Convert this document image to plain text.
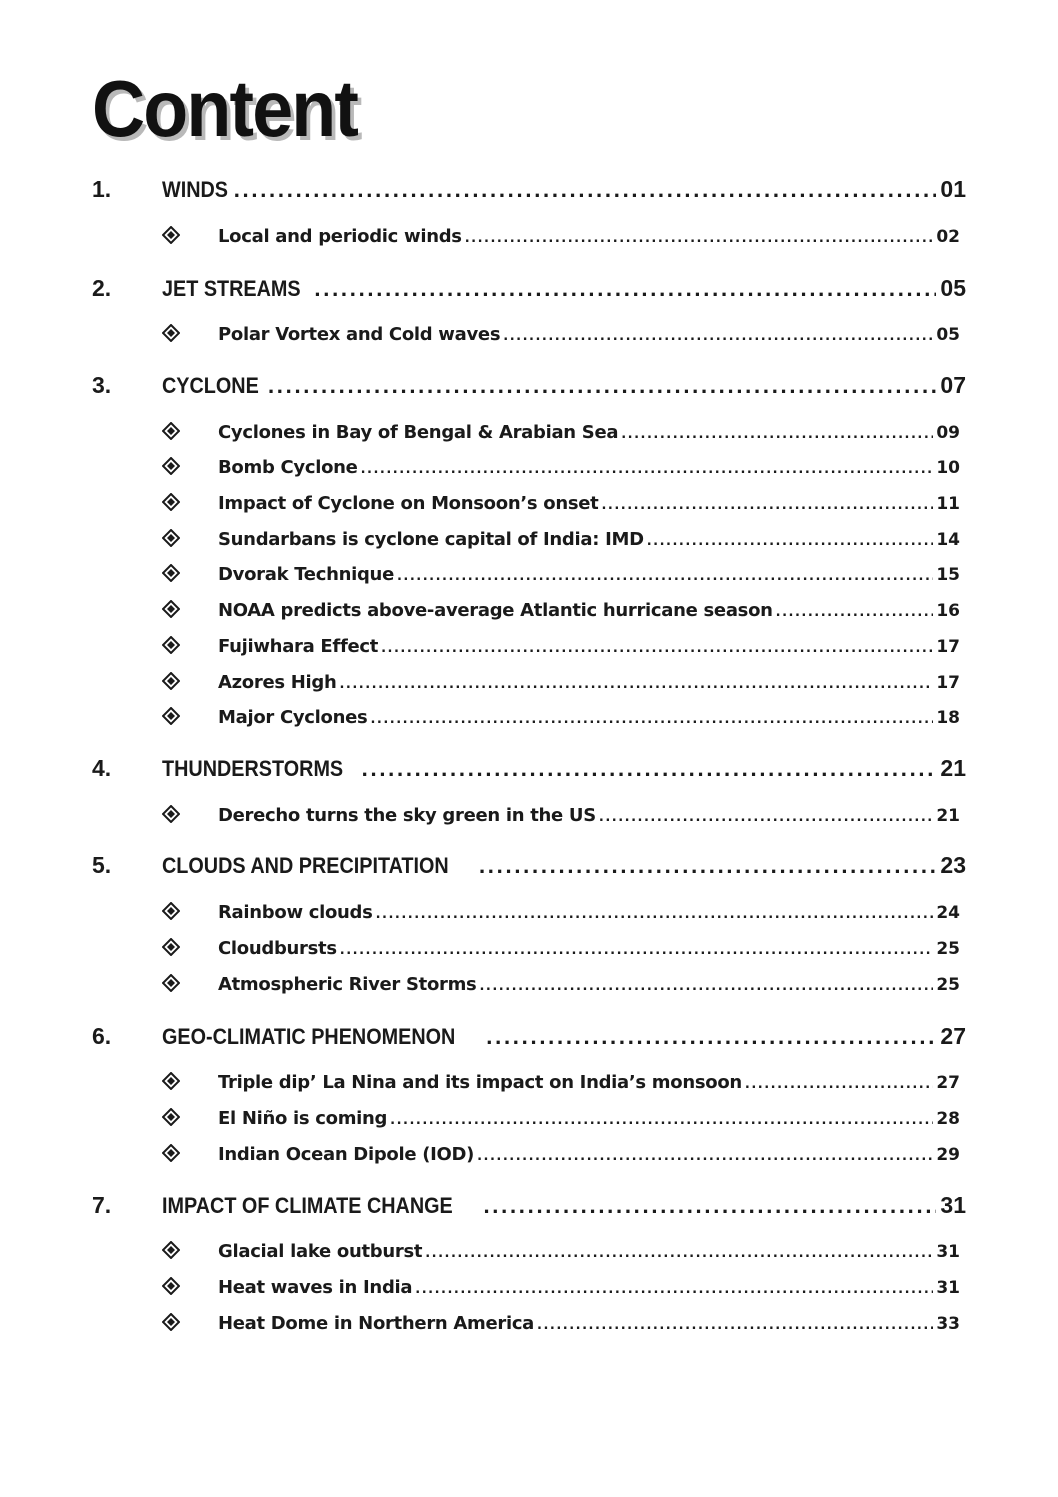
Content
1.	WINDS .....	01
Local and periodic winds .....	02
2.	JET STREAMS .....	05
Polar Vortex and Cold waves .....	05
3.	CYCLONE .....	07
Cyclones in Bay of Bengal & Arabian Sea .....	09
Bomb Cyclone .....	10
Impact of Cyclone on Monsoon’s onset .....	11
Sundarbans is cyclone capital of India: IMD .....	14
Dvorak Technique .....	15
NOAA predicts above-average Atlantic hurricane season .....	16
Fujiwhara Effect .....	17
Azores High .....	17
Major Cyclones .....	18
4.	THUNDERSTORMS .....	21
Derecho turns the sky green in the US .....	21
5.	CLOUDS AND PRECIPITATION .....	23
Rainbow clouds .....	24
Cloudbursts .....	25
Atmospheric River Storms .....	25
6.	GEO-CLIMATIC PHENOMENON .....	27
Triple dip’ La Nina and its impact on India’s monsoon .....	27
El Niño is coming .....	28
Indian Ocean Dipole (IOD) .....	29
7.	IMPACT OF CLIMATE CHANGE .....	31
Glacial lake outburst .....	31
Heat waves in India .....	31
Heat Dome in Northern America .....	33
